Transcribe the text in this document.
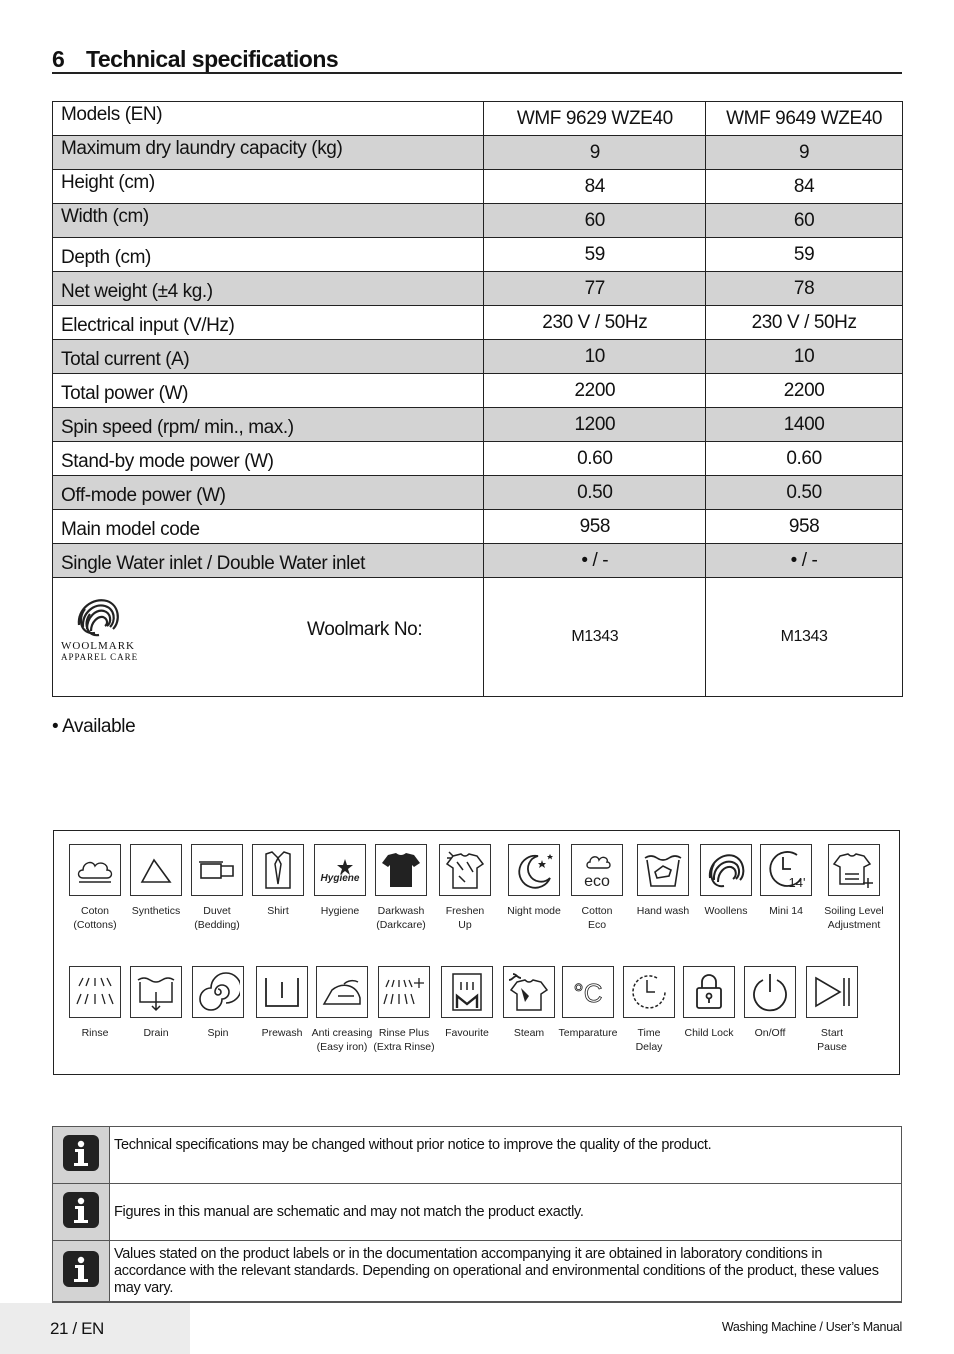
6 Technical specifications
Models (EN)	WMF 9629 WZE40	WMF 9649 WZE40
Maximum dry laundry capacity (kg)	9	9
Height (cm)	84	84
Width (cm)	60	60
Depth (cm)	59	59
Net weight (±4 kg.)	77	78
Electrical input (V/Hz)	230 V / 50Hz	230 V / 50Hz
Total current (A)	10	10
Total power (W)	2200	2200
Spin speed (rpm/ min., max.)	1200	1400
Stand-by mode power (W)	0.60	0.60
Off-mode power (W)	0.50	0.50
Main model code	958	958
Single Water inlet / Double Water inlet	• / -	• / -

WOOLMARK
APPAREL CARE
Woolmark No:	M1343	M1343
• Available
Coton
(Cottons)
Synthetics	Duvet
(Bedding)
Shirt
Hygiene
Hygiene	Darkwash
(Darkcare)
Freshen
Up
Night mode
eco
Cotton
Eco
Hand wash	Woollens
14'
Mini 14	Soiling Level
Adjustment
Rinse	Drain	Spin	Prewash Anti creasing
(Easy iron)
Rinse Plus
(Extra Rinse)
Favourite	Steam
°C
Temparature	Time
Delay
Child Lock	On/Off	Start
Pause
	Technical specifications may be changed without prior notice to improve the quality of the product.
	Figures in this manual are schematic and may not match the product exactly.
	Values stated on the product labels or in the documentation accompanying it are obtained in laboratory conditions in accordance with the relevant standards. Depending on operational and environmental conditions of the product, these values may vary.
21 / EN	Washing Machine / User’s Manual
